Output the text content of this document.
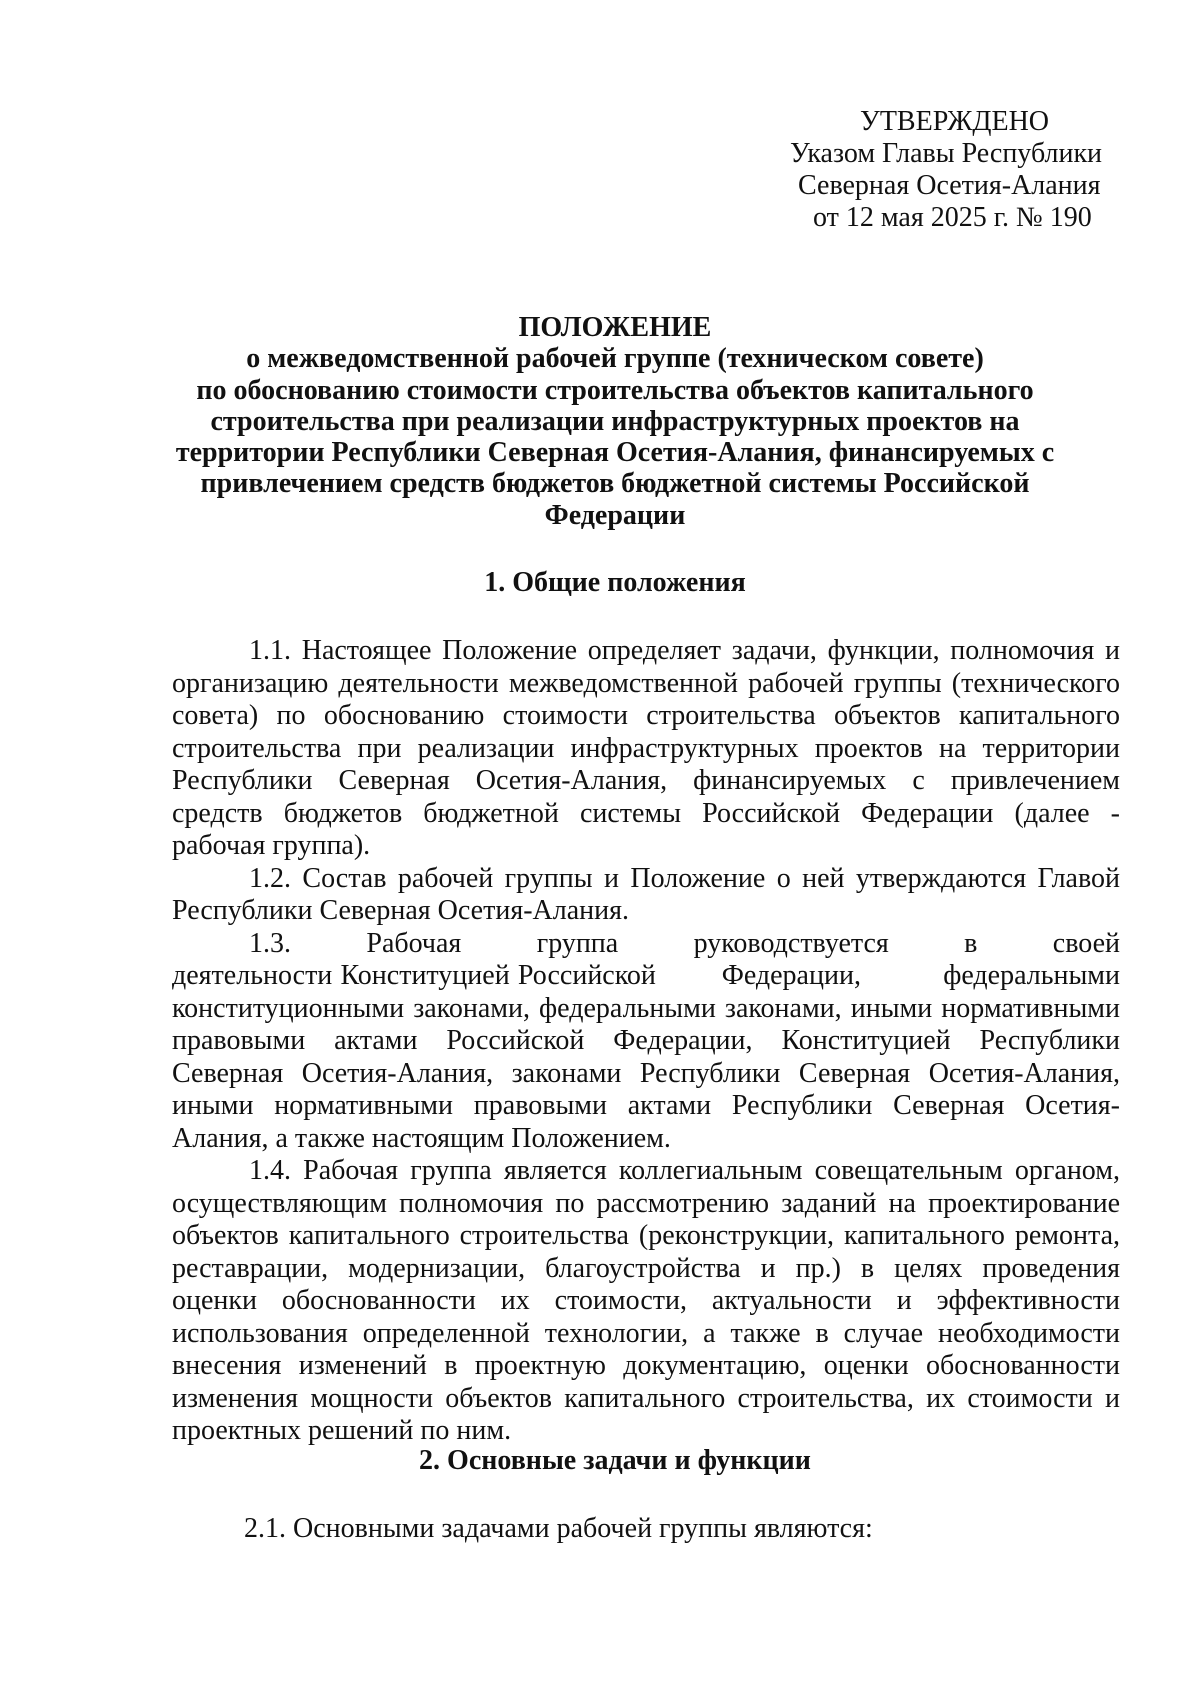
УТВЕРЖДЕНО
Указом Главы Республики
Северная Осетия-Алания
от 12 мая 2025 г. № 190
ПОЛОЖЕНИЕ
о межведомственной рабочей группе (техническом совете)
по обоснованию стоимости строительства объектов капитального
строительства при реализации инфраструктурных проектов на
территории Республики Северная Осетия-Алания, финансируемых с
привлечением средств бюджетов бюджетной системы Российской
Федерации
1. Общие положения
1.1. Настоящее Положение определяет задачи, функции, полномочия и
организацию деятельности межведомственной рабочей группы (технического
совета) по обоснованию стоимости строительства объектов капитального
строительства при реализации инфраструктурных проектов на территории
Республики Северная Осетия-Алания, финансируемых с привлечением
средств бюджетов бюджетной системы Российской Федерации (далее -
рабочая группа).
1.2. Состав рабочей группы и Положение о ней утверждаются Главой
Республики Северная Осетия-Алания.
1.3.	Рабочая	группа	руководствуется	в	своей
деятельности Конституцией Российской        Федерации,          федеральными
конституционными законами, федеральными законами, иными нормативными
правовыми актами Российской Федерации, Конституцией Республики
Северная Осетия-Алания, законами Республики Северная Осетия-Алания,
иными нормативными правовыми актами Республики Северная Осетия-
Алания, а также настоящим Положением.
1.4. Рабочая группа является коллегиальным совещательным органом,
осуществляющим полномочия по рассмотрению заданий на проектирование
объектов капитального строительства (реконструкции, капитального ремонта,
реставрации, модернизации, благоустройства и пр.) в целях проведения
оценки обоснованности их стоимости, актуальности и эффективности
использования определенной технологии, а также в случае необходимости
внесения изменений в проектную документацию, оценки обоснованности
изменения мощности объектов капитального строительства, их стоимости и
проектных решений по ним.
2. Основные задачи и функции
2.1. Основными задачами рабочей группы являются:
